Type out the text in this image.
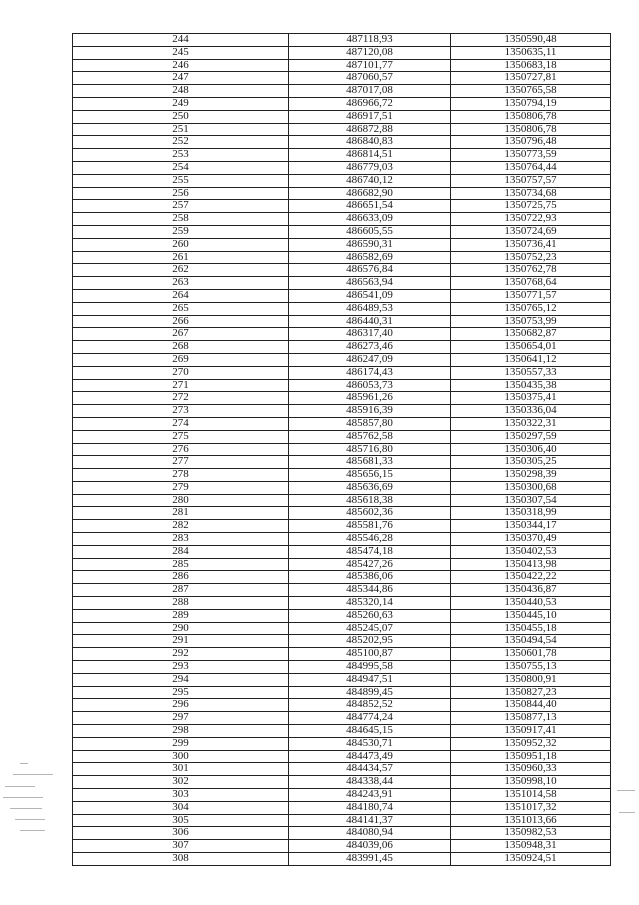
244	487118,93	1350590,48
245	487120,08	1350635,11
246	487101,77	1350683,18
247	487060,57	1350727,81
248	487017,08	1350765,58
249	486966,72	1350794,19
250	486917,51	1350806,78
251	486872,88	1350806,78
252	486840,83	1350796,48
253	486814,51	1350773,59
254	486779,03	1350764,44
255	486740,12	1350757,57
256	486682,90	1350734,68
257	486651,54	1350725,75
258	486633,09	1350722,93
259	486605,55	1350724,69
260	486590,31	1350736,41
261	486582,69	1350752,23
262	486576,84	1350762,78
263	486563,94	1350768,64
264	486541,09	1350771,57
265	486489,53	1350765,12
266	486440,31	1350753,99
267	486317,40	1350682,87
268	486273,46	1350654,01
269	486247,09	1350641,12
270	486174,43	1350557,33
271	486053,73	1350435,38
272	485961,26	1350375,41
273	485916,39	1350336,04
274	485857,80	1350322,31
275	485762,58	1350297,59
276	485716,80	1350306,40
277	485681,33	1350305,25
278	485656,15	1350298,39
279	485636,69	1350300,68
280	485618,38	1350307,54
281	485602,36	1350318,99
282	485581,76	1350344,17
283	485546,28	1350370,49
284	485474,18	1350402,53
285	485427,26	1350413,98
286	485386,06	1350422,22
287	485344,86	1350436,87
288	485320,14	1350440,53
289	485260,63	1350445,10
290	485245,07	1350455,18
291	485202,95	1350494,54
292	485100,87	1350601,78
293	484995,58	1350755,13
294	484947,51	1350800,91
295	484899,45	1350827,23
296	484852,52	1350844,40
297	484774,24	1350877,13
298	484645,15	1350917,41
299	484530,71	1350952,32
300	484473,49	1350951,18
301	484434,57	1350960,33
302	484338,44	1350998,10
303	484243,91	1351014,58
304	484180,74	1351017,32
305	484141,37	1351013,66
306	484080,94	1350982,53
307	484039,06	1350948,31
308	483991,45	1350924,51
